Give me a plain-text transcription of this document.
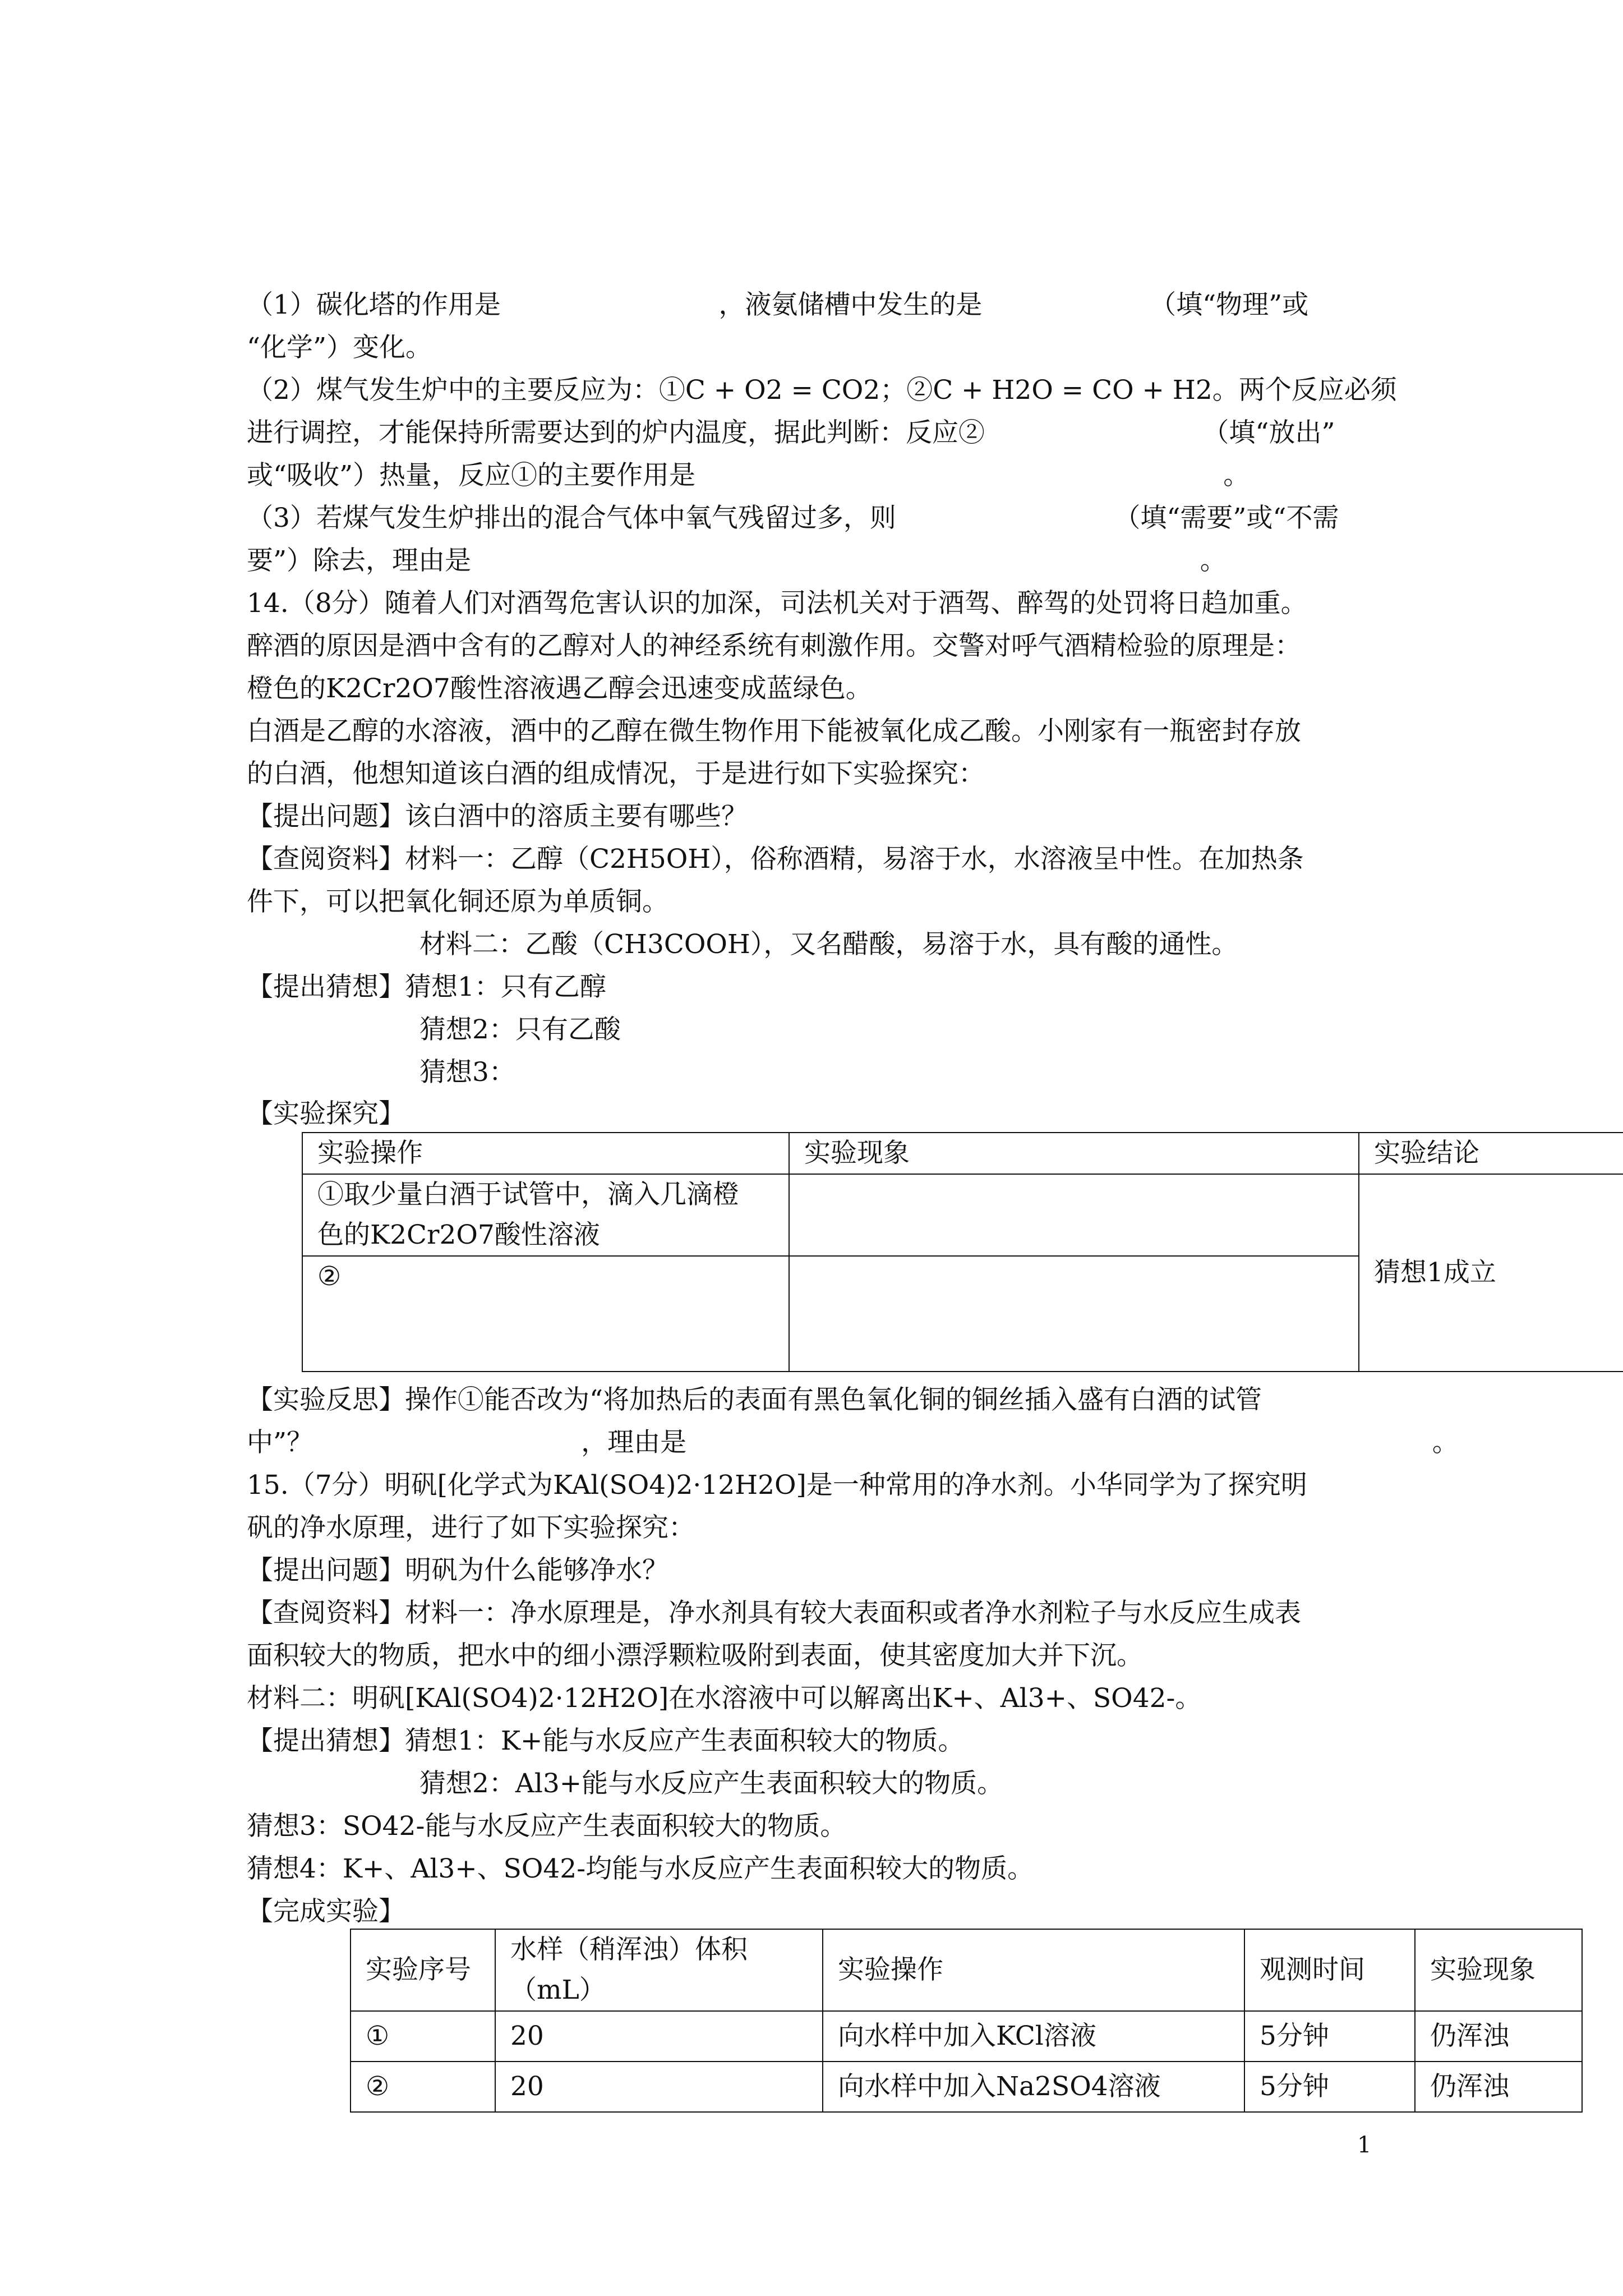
（1）碳化塔的作用是                          ，液氨储槽中发生的是                    （填“物理”或
“化学”）变化。
（2）煤气发生炉中的主要反应为：①C + O2 = CO2；②C + H2O = CO + H2。两个反应必须
进行调控，才能保持所需要达到的炉内温度，据此判断：反应②                          （填“放出”
或“吸收”）热量，反应①的主要作用是                                                               。
（3）若煤气发生炉排出的混合气体中氧气残留过多，则                          （填“需要”或“不需
要”）除去，理由是                                                                                       。
14.（8分）随着人们对酒驾危害认识的加深，司法机关对于酒驾、醉驾的处罚将日趋加重。
醉酒的原因是酒中含有的乙醇对人的神经系统有刺激作用。交警对呼气酒精检验的原理是：
橙色的K2Cr2O7酸性溶液遇乙醇会迅速变成蓝绿色。
白酒是乙醇的水溶液，酒中的乙醇在微生物作用下能被氧化成乙酸。小刚家有一瓶密封存放
的白酒，他想知道该白酒的组成情况，于是进行如下实验探究：
【提出问题】该白酒中的溶质主要有哪些？
【查阅资料】材料一：乙醇（C2H5OH），俗称酒精，易溶于水，水溶液呈中性。在加热条
件下，可以把氧化铜还原为单质铜。
材料二：乙酸（CH3COOH），又名醋酸，易溶于水，具有酸的通性。
【提出猜想】猜想1：只有乙醇
猜想2：只有乙酸
猜想3：
【实验探究】
实验操作	实验现象	实验结论

①取少量白酒于试管中，滴入几滴橙
色的K2Cr2O7酸性溶液		猜想1成立
②		
【实验反思】操作①能否改为“将加热后的表面有黑色氧化铜的铜丝插入盛有白酒的试管
中”？                                ，理由是                                                                                         。
15.（7分）明矾[化学式为KAl(SO4)2·12H2O]是一种常用的净水剂。小华同学为了探究明
矾的净水原理，进行了如下实验探究：
【提出问题】明矾为什么能够净水？
【查阅资料】材料一：净水原理是，净水剂具有较大表面积或者净水剂粒子与水反应生成表
面积较大的物质，把水中的细小漂浮颗粒吸附到表面，使其密度加大并下沉。
材料二：明矾[KAl(SO4)2·12H2O]在水溶液中可以解离出K+、Al3+、SO42-。
【提出猜想】猜想1：K+能与水反应产生表面积较大的物质。
猜想2：Al3+能与水反应产生表面积较大的物质。
猜想3：SO42-能与水反应产生表面积较大的物质。
猜想4：K+、Al3+、SO42-均能与水反应产生表面积较大的物质。
【完成实验】
实验序号	水样（稍浑浊）体积（mL）	实验操作	观测时间	实验现象
①	20	向水样中加入KCl溶液	5分钟	仍浑浊
②	20	向水样中加入Na2SO4溶液	5分钟	仍浑浊
1
